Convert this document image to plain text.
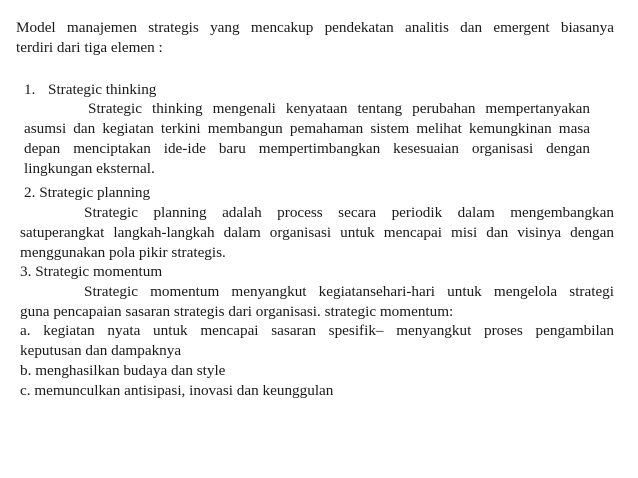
Model manajemen strategis yang mencakup pendekatan analitis dan emergent biasanya
terdiri dari tiga elemen :
1. Strategic thinking
Strategic thinking mengenali kenyataan tentang perubahan mempertanyakan
asumsi dan kegiatan terkini membangun pemahaman sistem melihat kemungkinan masa
depan menciptakan ide-ide baru mempertimbangkan kesesuaian organisasi dengan
lingkungan eksternal.
2. Strategic planning
Strategic planning adalah process secara periodik dalam mengembangkan
satuperangkat langkah-langkah dalam organisasi untuk mencapai misi dan visinya dengan
menggunakan pola pikir strategis.
3. Strategic momentum
Strategic momentum menyangkut kegiatansehari-hari untuk mengelola strategi
guna pencapaian sasaran strategis dari organisasi. strategic momentum:
a. kegiatan nyata untuk mencapai sasaran spesifik– menyangkut proses pengambilan
keputusan dan dampaknya
b. menghasilkan budaya dan style
c. memunculkan antisipasi, inovasi dan keunggulan
